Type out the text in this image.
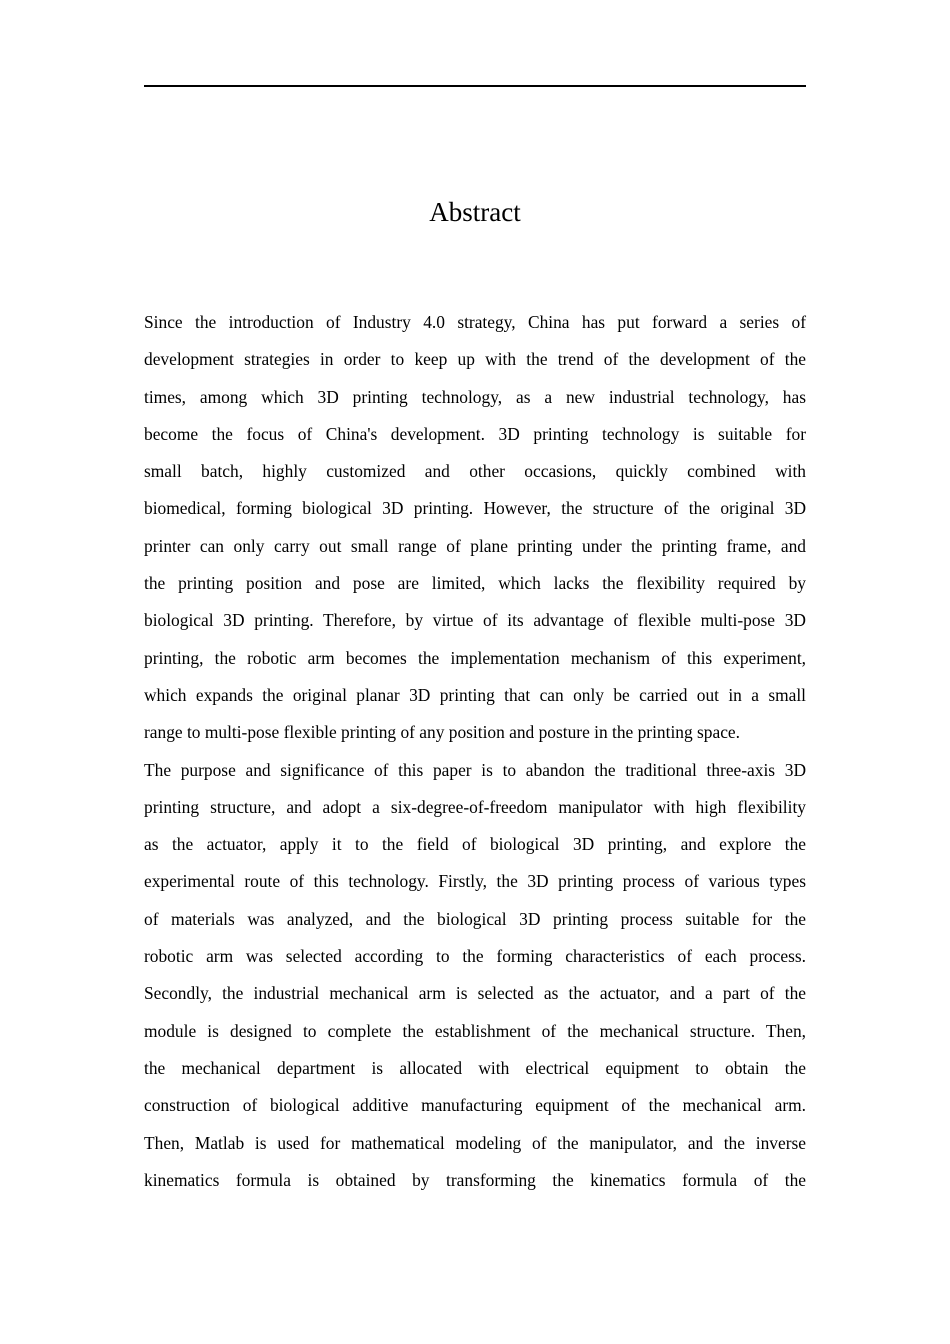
Abstract
Since the introduction of Industry 4.0 strategy, China has put forward a series of
development strategies in order to keep up with the trend of the development of the
times, among which 3D printing technology, as a new industrial technology, has
become the focus of China's development. 3D printing technology is suitable for
small batch, highly customized and other occasions, quickly combined with
biomedical, forming biological 3D printing. However, the structure of the original 3D
printer can only carry out small range of plane printing under the printing frame, and
the printing position and pose are limited, which lacks the flexibility required by
biological 3D printing. Therefore, by virtue of its advantage of flexible multi-pose 3D
printing, the robotic arm becomes the implementation mechanism of this experiment,
which expands the original planar 3D printing that can only be carried out in a small
range to multi-pose flexible printing of any position and posture in the printing space.
The purpose and significance of this paper is to abandon the traditional three-axis 3D
printing structure, and adopt a six-degree-of-freedom manipulator with high flexibility
as the actuator, apply it to the field of biological 3D printing, and explore the
experimental route of this technology. Firstly, the 3D printing process of various types
of materials was analyzed, and the biological 3D printing process suitable for the
robotic arm was selected according to the forming characteristics of each process.
Secondly, the industrial mechanical arm is selected as the actuator, and a part of the
module is designed to complete the establishment of the mechanical structure. Then,
the mechanical department is allocated with electrical equipment to obtain the
construction of biological additive manufacturing equipment of the mechanical arm.
Then, Matlab is used for mathematical modeling of the manipulator, and the inverse
kinematics formula is obtained by transforming the kinematics formula of the
